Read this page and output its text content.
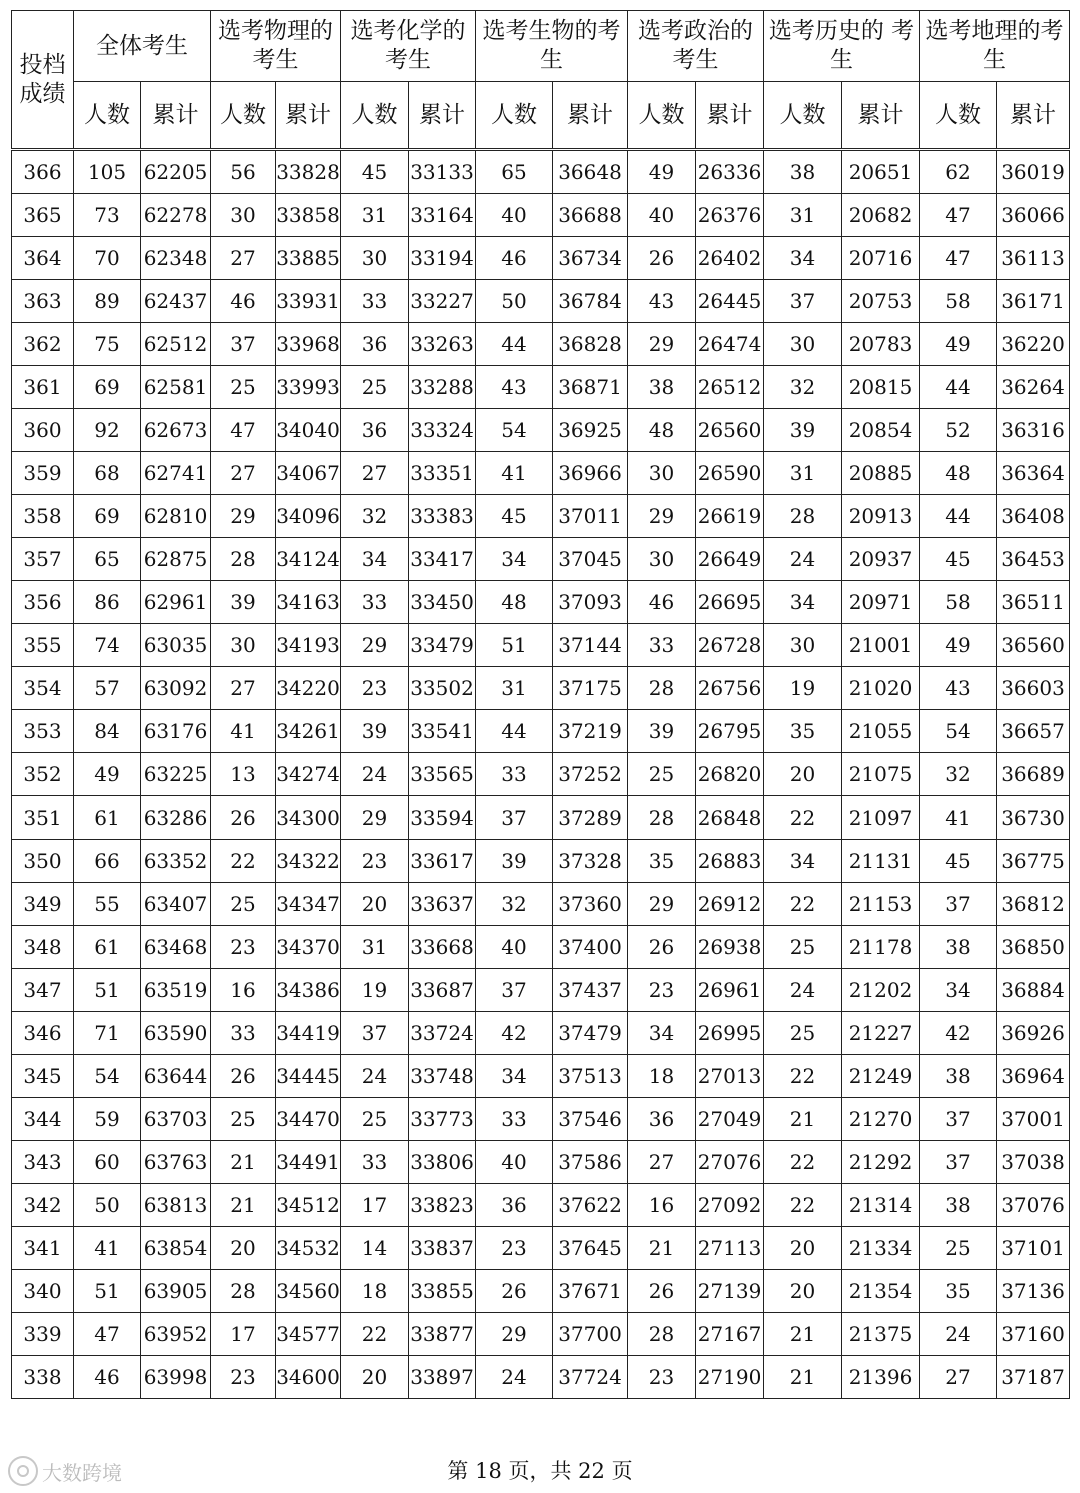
投档成绩	全体考生		选考物理的考生		选考化学的考生		选考生物的考生		选考政治的考生		选考历史的 考生		选考地理的考生	
	人数	累计	人数	累计	人数	累计	人数	累计	人数	累计	人数	累计	人数	累计
366	105	62205	56	33828	45	33133	65	36648	49	26336	38	20651	62	36019
365	73	62278	30	33858	31	33164	40	36688	40	26376	31	20682	47	36066
364	70	62348	27	33885	30	33194	46	36734	26	26402	34	20716	47	36113
363	89	62437	46	33931	33	33227	50	36784	43	26445	37	20753	58	36171
362	75	62512	37	33968	36	33263	44	36828	29	26474	30	20783	49	36220
361	69	62581	25	33993	25	33288	43	36871	38	26512	32	20815	44	36264
360	92	62673	47	34040	36	33324	54	36925	48	26560	39	20854	52	36316
359	68	62741	27	34067	27	33351	41	36966	30	26590	31	20885	48	36364
358	69	62810	29	34096	32	33383	45	37011	29	26619	28	20913	44	36408
357	65	62875	28	34124	34	33417	34	37045	30	26649	24	20937	45	36453
356	86	62961	39	34163	33	33450	48	37093	46	26695	34	20971	58	36511
355	74	63035	30	34193	29	33479	51	37144	33	26728	30	21001	49	36560
354	57	63092	27	34220	23	33502	31	37175	28	26756	19	21020	43	36603
353	84	63176	41	34261	39	33541	44	37219	39	26795	35	21055	54	36657
352	49	63225	13	34274	24	33565	33	37252	25	26820	20	21075	32	36689
351	61	63286	26	34300	29	33594	37	37289	28	26848	22	21097	41	36730
350	66	63352	22	34322	23	33617	39	37328	35	26883	34	21131	45	36775
349	55	63407	25	34347	20	33637	32	37360	29	26912	22	21153	37	36812
348	61	63468	23	34370	31	33668	40	37400	26	26938	25	21178	38	36850
347	51	63519	16	34386	19	33687	37	37437	23	26961	24	21202	34	36884
346	71	63590	33	34419	37	33724	42	37479	34	26995	25	21227	42	36926
345	54	63644	26	34445	24	33748	34	37513	18	27013	22	21249	38	36964
344	59	63703	25	34470	25	33773	33	37546	36	27049	21	21270	37	37001
343	60	63763	21	34491	33	33806	40	37586	27	27076	22	21292	37	37038
342	50	63813	21	34512	17	33823	36	37622	16	27092	22	21314	38	37076
341	41	63854	20	34532	14	33837	23	37645	21	27113	20	21334	25	37101
340	51	63905	28	34560	18	33855	26	37671	26	27139	20	21354	35	37136
339	47	63952	17	34577	22	33877	29	37700	28	27167	21	21375	24	37160
338	46	63998	23	34600	20	33897	24	37724	23	27190	21	21396	27	37187
大数跨境	第 18 页，共 22 页
